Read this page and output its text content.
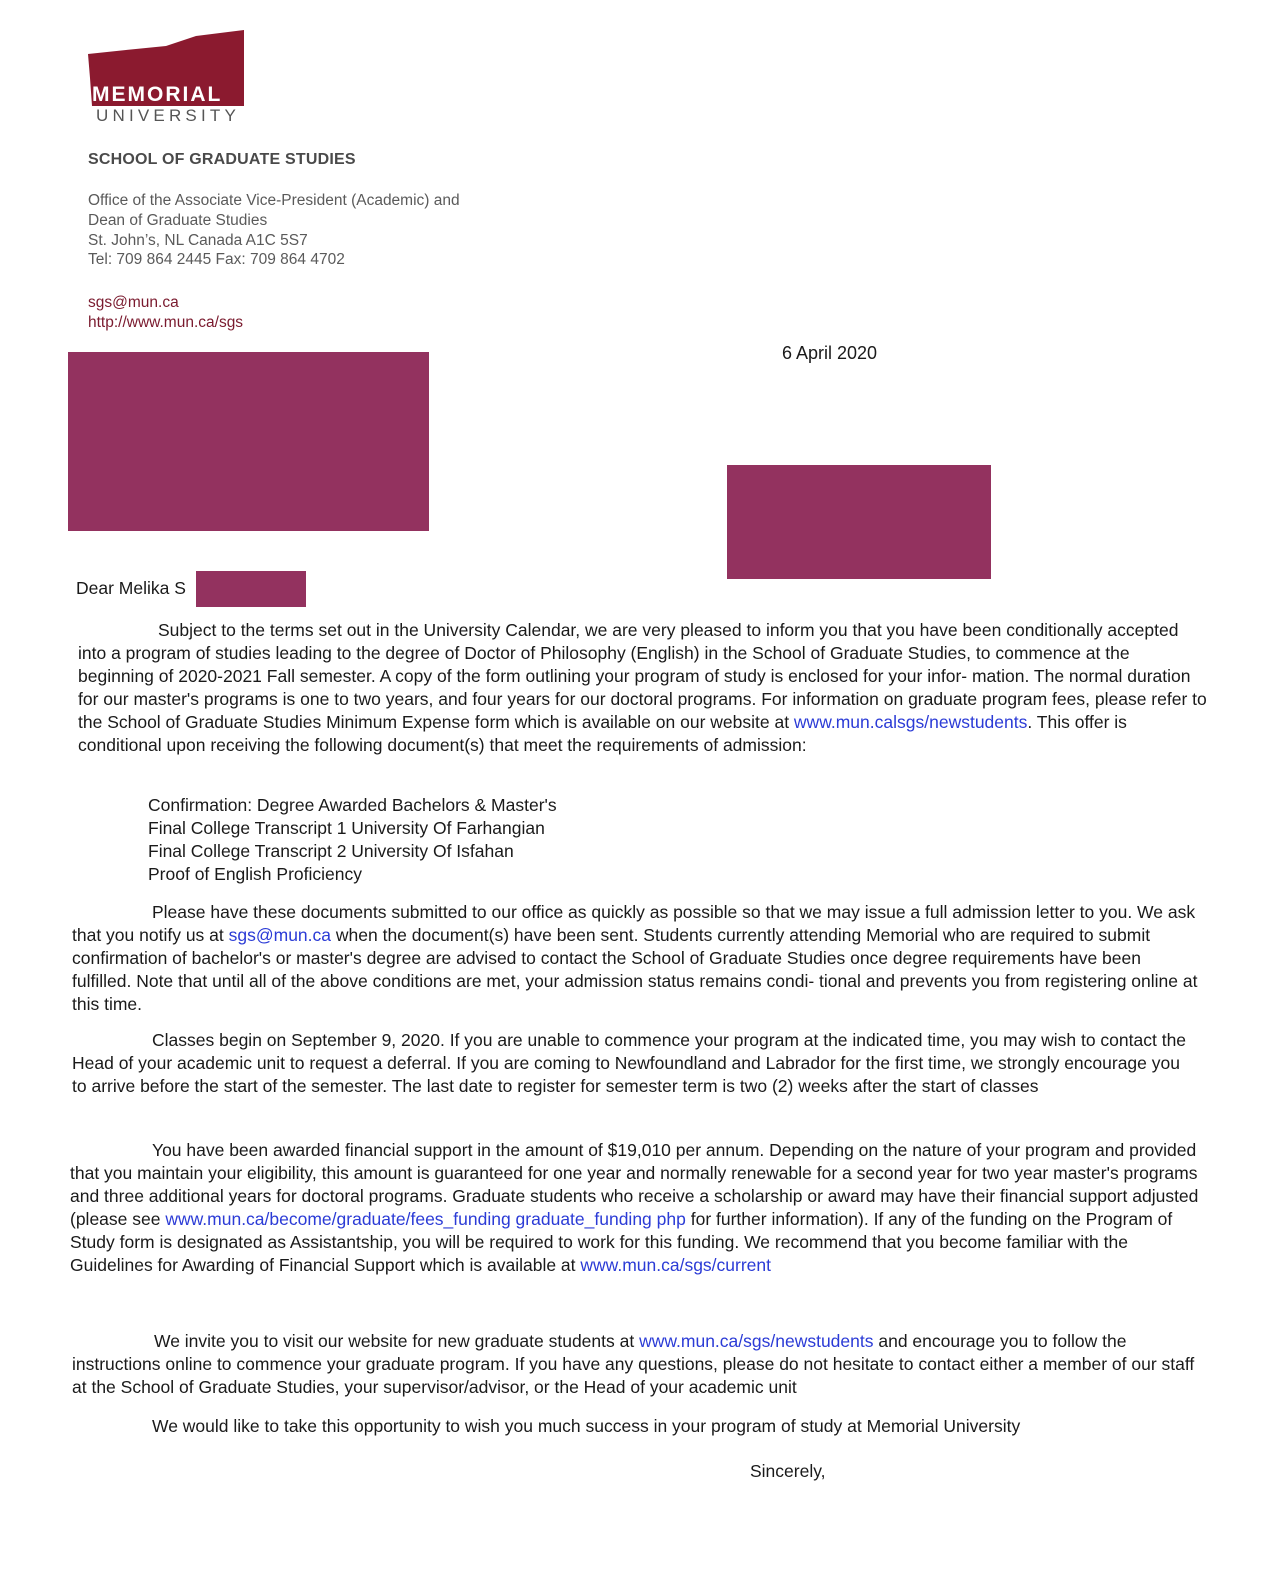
MEMORIAL
UNIVERSITY
SCHOOL OF GRADUATE STUDIES
Office of the Associate Vice-President (Academic) and
Dean of Graduate Studies
St. John’s, NL Canada A1C 5S7
Tel: 709 864 2445 Fax: 709 864 4702
sgs@mun.ca
http://www.mun.ca/sgs
6 April 2020
Dear Melika S
Subject to the terms set out in the University Calendar, we are very pleased to inform you that you have been conditionally accepted into a program of studies leading to the degree of Doctor of Philosophy (English) in the School of Graduate Studies, to commence at the beginning of 2020-2021 Fall semester. A copy of the form outlining your program of study is enclosed for your infor- mation. The normal duration for our master's programs is one to two years, and four years for our doctoral programs. For information on graduate program fees, please refer to the School of Graduate Studies Minimum Expense form which is available on our website at www.mun.calsgs/newstudents. This offer is conditional upon receiving the following document(s) that meet the requirements of admission:
Confirmation: Degree Awarded Bachelors & Master's
Final College Transcript 1 University Of Farhangian
Final College Transcript 2 University Of Isfahan
Proof of English Proficiency
Please have these documents submitted to our office as quickly as possible so that we may issue a full admission letter to you. We ask that you notify us at sgs@mun.ca when the document(s) have been sent. Students currently attending Memorial who are required to submit confirmation of bachelor's or master's degree are advised to contact the School of Graduate Studies once degree requirements have been fulfilled. Note that until all of the above conditions are met, your admission status remains condi- tional and prevents you from registering online at this time.
Classes begin on September 9, 2020. If you are unable to commence your program at the indicated time, you may wish to contact the Head of your academic unit to request a deferral. If you are coming to Newfoundland and Labrador for the first time, we strongly encourage you to arrive before the start of the semester. The last date to register for semester term is two (2) weeks after the start of classes
You have been awarded financial support in the amount of $19,010 per annum. Depending on the nature of your program and provided that you maintain your eligibility, this amount is guaranteed for one year and normally renewable for a second year for two year master's programs and three additional years for doctoral programs. Graduate students who receive a scholarship or award may have their financial support adjusted (please see www.mun.ca/become/graduate/fees_funding graduate_funding php for further information). If any of the funding on the Program of Study form is designated as Assistantship, you will be required to work for this funding. We recommend that you become familiar with the Guidelines for Awarding of Financial Support which is available at www.mun.ca/sgs/current
We invite you to visit our website for new graduate students at www.mun.ca/sgs/newstudents and encourage you to follow the instructions online to commence your graduate program. If you have any questions, please do not hesitate to contact either a member of our staff at the School of Graduate Studies, your supervisor/advisor, or the Head of your academic unit
We would like to take this opportunity to wish you much success in your program of study at Memorial University
Sincerely,
